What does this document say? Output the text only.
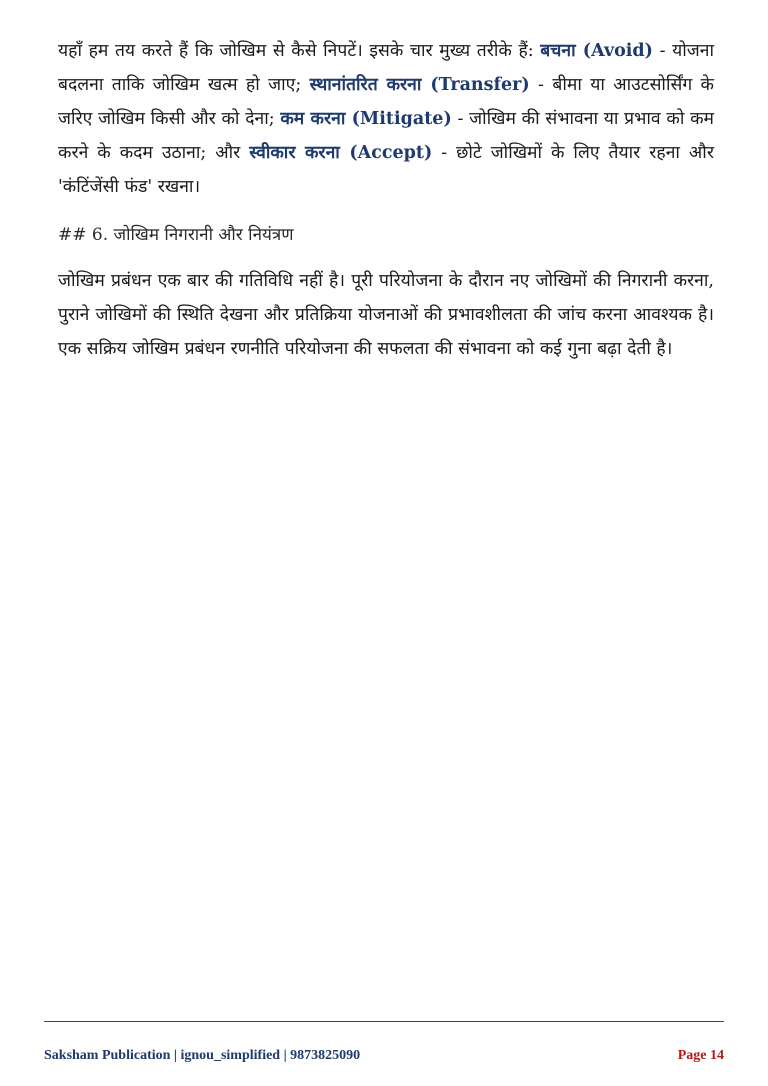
यहाँ हम तय करते हैं कि जोखिम से कैसे निपटें। इसके चार मुख्य तरीके हैं: बचना (Avoid) - योजना बदलना ताकि जोखिम खत्म हो जाए; स्थानांतरित करना (Transfer) - बीमा या आउटसोर्सिंग के जरिए जोखिम किसी और को देना; कम करना (Mitigate) - जोखिम की संभावना या प्रभाव को कम करने के कदम उठाना; और स्वीकार करना (Accept) - छोटे जोखिमों के लिए तैयार रहना और 'कंटिंजेंसी फंड' रखना।

## 6. जोखिम निगरानी और नियंत्रण

जोखिम प्रबंधन एक बार की गतिविधि नहीं है। पूरी परियोजना के दौरान नए जोखिमों की निगरानी करना, पुराने जोखिमों की स्थिति देखना और प्रतिक्रिया योजनाओं की प्रभावशीलता की जांच करना आवश्यक है। एक सक्रिय जोखिम प्रबंधन रणनीति परियोजना की सफलता की संभावना को कई गुना बढ़ा देती है।

Saksham Publication | ignou_simplified | 9873825090	Page 14
